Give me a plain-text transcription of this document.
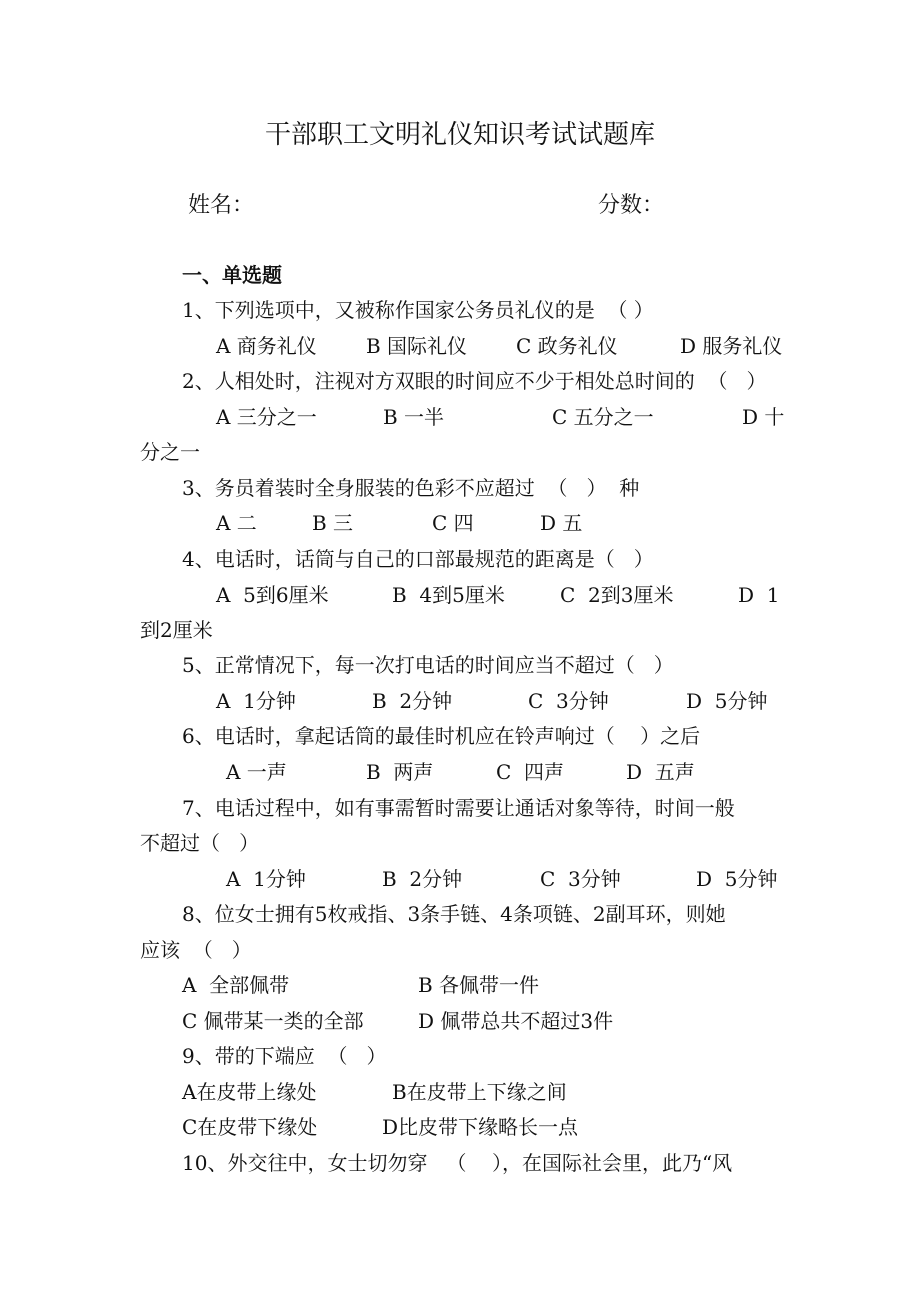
干部职工文明礼仪知识考试试题库
姓名：	分数：
一、单选题
1、下列选项中，又被称作国家公务员礼仪的是  （ ）
A 商务礼仪 B 国际礼仪 C 政务礼仪	D 服务礼仪
2、人相处时，注视对方双眼的时间应不少于相处总时间的  （   ）
A 三分之一	B 一半	C 五分之一	D 十
分之一
3、务员着装时全身服装的色彩不应超过  （   ）  种
A 二	B 三	C 四	D 五
4、电话时，话筒与自己的口部最规范的距离是（   ）
A  5到6厘米	B  4到5厘米	C  2到3厘米	D  1
到2厘米
5、正常情况下，每一次打电话的时间应当不超过（   ）
A  1分钟	B  2分钟	C  3分钟	D  5分钟
6、电话时，拿起话筒的最佳时机应在铃声响过（    ）之后
A 一声	B  两声	C  四声	D  五声
7、电话过程中，如有事需暂时需要让通话对象等待，时间一般
不超过（   ）
A  1分钟	B  2分钟	C  3分钟	D  5分钟
8、位女士拥有5枚戒指、3条手链、4条项链、2副耳环，则她
应该  （   ）
A  全部佩带	B 各佩带一件
C 佩带某一类的全部	D 佩带总共不超过3件
9、带的下端应  （   ）
A在皮带上缘处	B在皮带上下缘之间
C在皮带下缘处	D比皮带下缘略长一点
10、外交往中，女士切勿穿   （    ），在国际社会里，此乃“风
